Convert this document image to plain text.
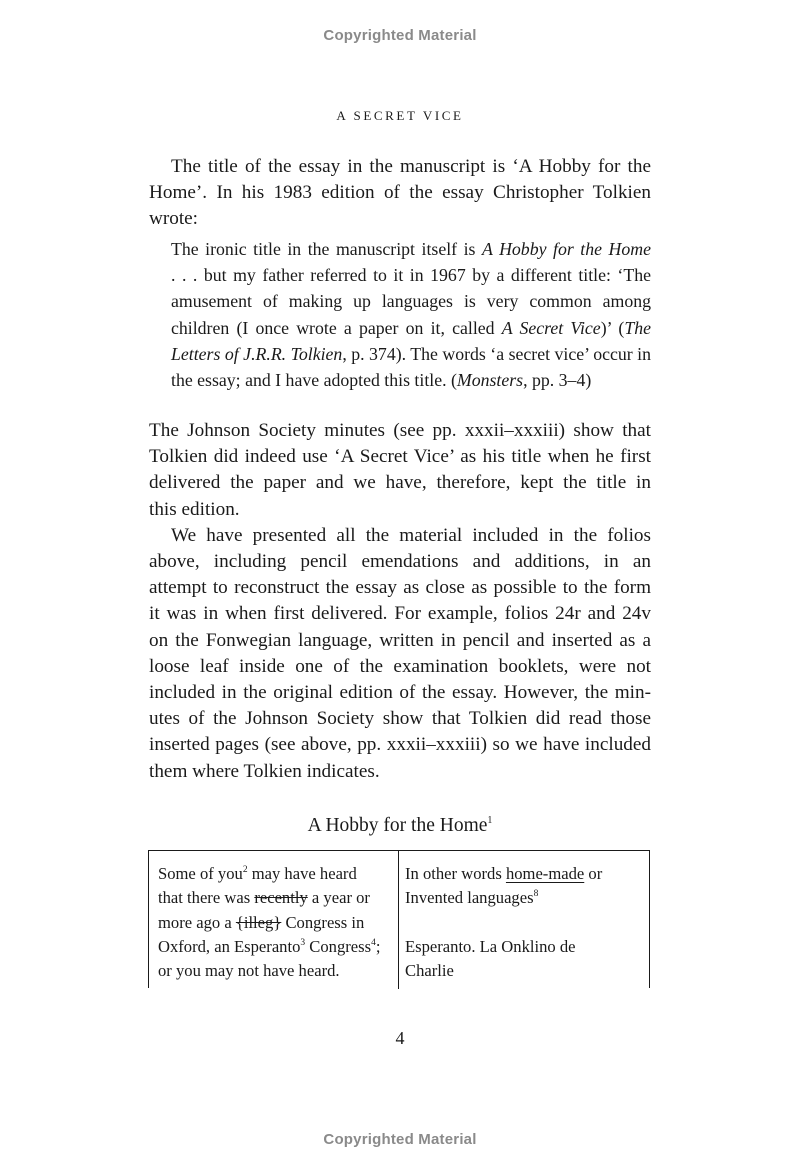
Copyrighted Material
A SECRET VICE
The title of the essay in the manuscript is ‘A Hobby for the
Home’. In his 1983 edition of the essay Christopher Tolkien wrote:
The ironic title in the manuscript itself is A Hobby for the Home
. . . but my father referred to it in 1967 by a different title: ‘The
amusement of making up languages is very common among
children (I once wrote a paper on it, called A Secret Vice)’ (The
Letters of J.R.R. Tolkien, p. 374). The words ‘a secret vice’ occur in
the essay; and I have adopted this title. (Monsters, pp. 3–4)
The Johnson Society minutes (see pp. xxxii–xxxiii) show that
Tolkien did indeed use ‘A Secret Vice’ as his title when he first
delivered the paper and we have, therefore, kept the title in
this edition.
We have presented all the material included in the folios
above, including pencil emendations and additions, in an
attempt to reconstruct the essay as close as possible to the form
it was in when first delivered. For example, folios 24r and 24v
on the Fonwegian language, written in pencil and inserted as a
loose leaf inside one of the examination booklets, were not
included in the original edition of the essay. However, the min-
utes of the Johnson Society show that Tolkien did read those
inserted pages (see above, pp. xxxii–xxxiii) so we have included
them where Tolkien indicates.
A Hobby for the Home$^1$
Some of you$^2$ may have heard
that there was recently a year or
more ago a {illeg} Congress in
Oxford, an Esperanto$^3$ Congress$^4$;
or you may not have heard.
In other words home-made or
Invented languages$^8$

Esperanto. La Onklino de
Charlie
4
Copyrighted Material
